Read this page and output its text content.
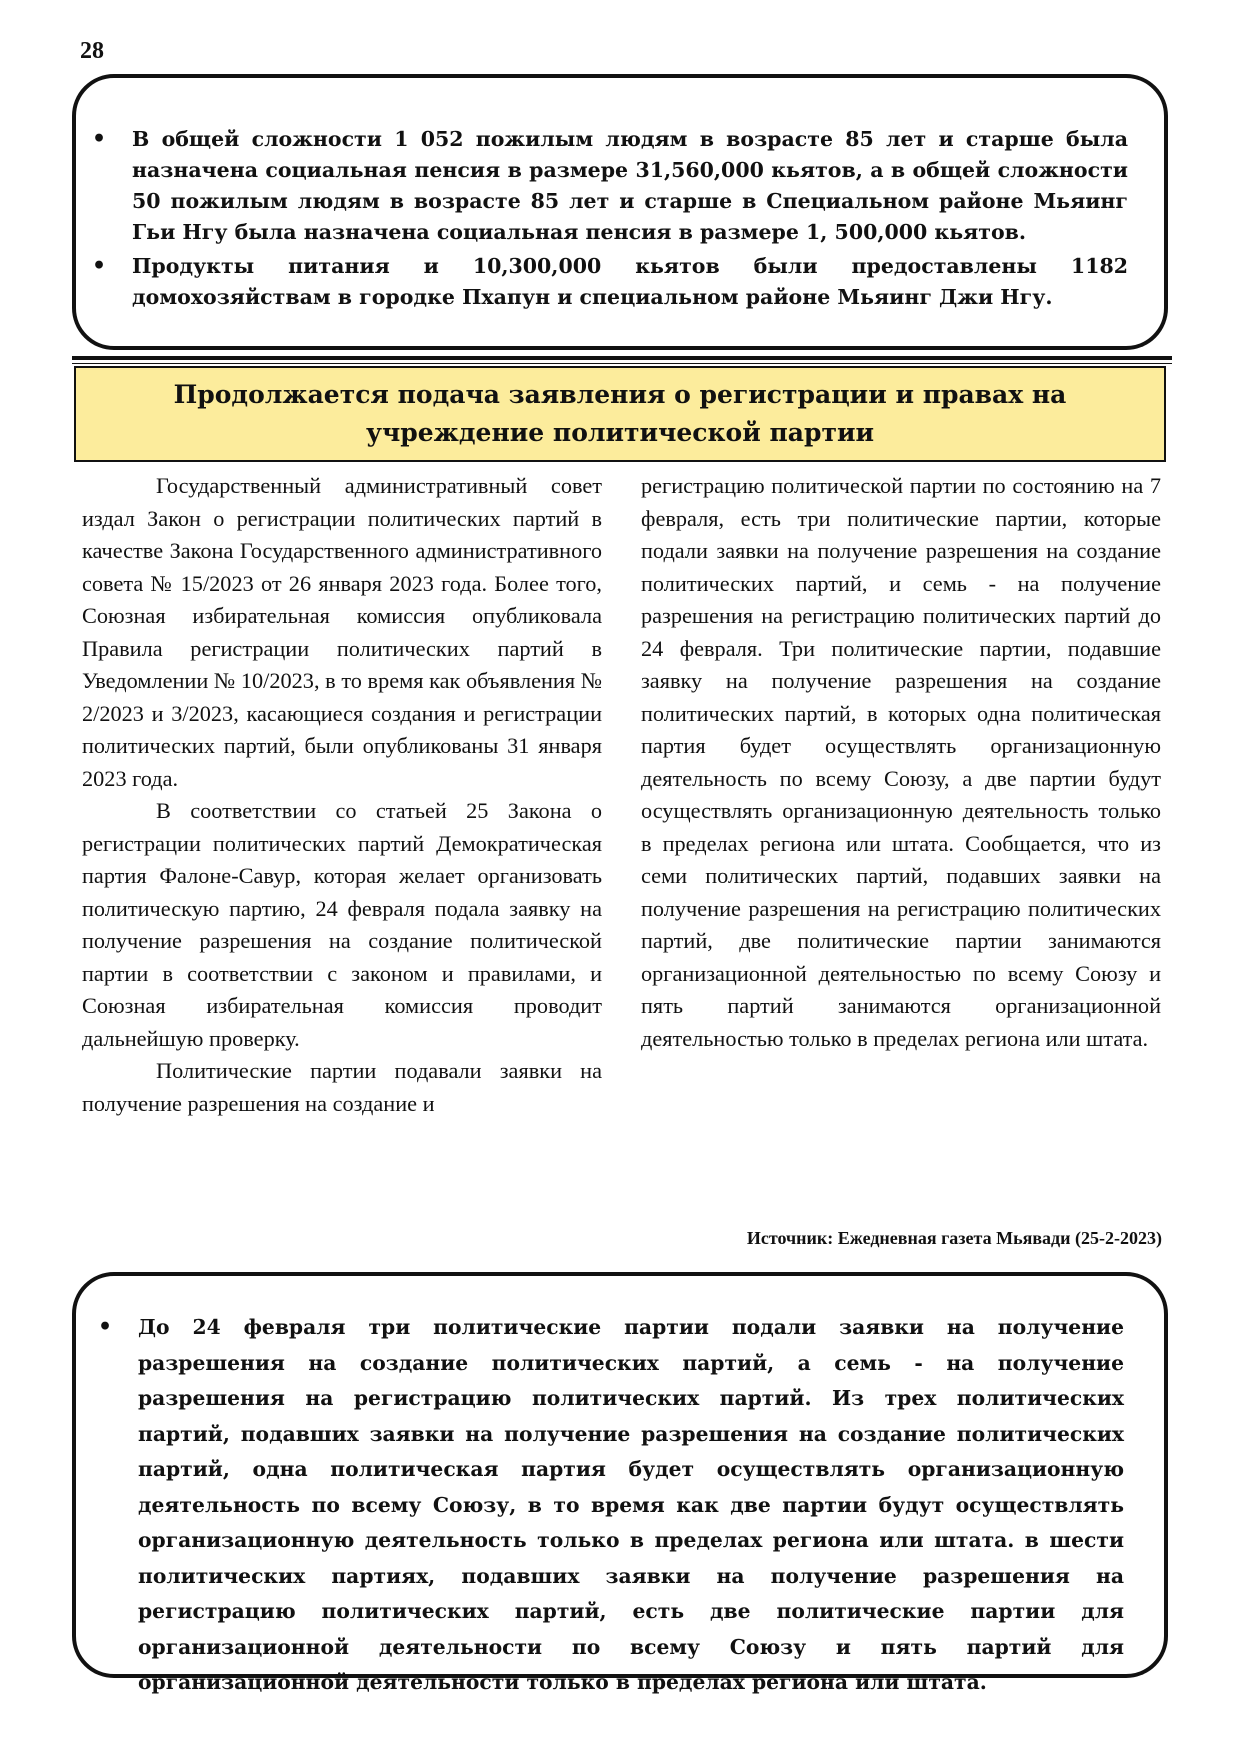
28
• В общей сложности 1 052 пожилым людям в возрасте 85 лет и старше была назначена социальная пенсия в размере 31,560,000 кьятов, а в общей сложности 50 пожилым людям в возрасте 85 лет и старше в Специальном районе Мьяинг Гьи Нгу была назначена социальная пенсия в размере 1, 500,000 кьятов.
• Продукты питания и 10,300,000 кьятов были предоставлены 1182 домохозяйствам в городке Пхапун и специальном районе Мьяинг Джи Нгу.
Продолжается подача заявления о регистрации и правах на учреждение политической партии

Государственный административный совет издал Закон о регистрации политических партий в качестве Закона Государственного административного совета № 15/2023 от 26 января 2023 года. Более того, Союзная избирательная комиссия опубликовала Правила регистрации политических партий в Уведомлении № 10/2023, в то время как объявления № 2/2023 и 3/2023, касающиеся создания и регистрации политических партий, были опубликованы 31 января 2023 года.

В соответствии со статьей 25 Закона о регистрации политических партий Демократическая партия Фалоне-Савур, которая желает организовать политическую партию, 24 февраля подала заявку на получение разрешения на создание политической партии в соответствии с законом и правилами, и Союзная избирательная комиссия проводит дальнейшую проверку.

Политические партии подавали заявки на получение разрешения на создание и

регистрацию политической партии по состоянию на 7 февраля, есть три политические партии, которые подали заявки на получение разрешения на создание политических партий, и семь - на получение разрешения на регистрацию политических партий до 24 февраля. Три политические партии, подавшие заявку на получение разрешения на создание политических партий, в которых одна политическая партия будет осуществлять организационную деятельность по всему Союзу, а две партии будут осуществлять организационную деятельность только в пределах региона или штата. Сообщается, что из семи политических партий, подавших заявки на получение разрешения на регистрацию политических партий, две политические партии занимаются организационной деятельностью по всему Союзу и пять партий занимаются организационной деятельностью только в пределах региона или штата.

Источник: Ежедневная газета Мьявади (25-2-2023)
• До 24 февраля три политические партии подали заявки на получение разрешения на создание политических партий, а семь - на получение разрешения на регистрацию политических партий. Из трех политических партий, подавших заявки на получение разрешения на создание политических партий, одна политическая партия будет осуществлять организационную деятельность по всему Союзу, в то время как две партии будут осуществлять организационную деятельность только в пределах региона или штата. в шести политических партиях, подавших заявки на получение разрешения на регистрацию политических партий, есть две политические партии для организационной деятельности по всему Союзу и пять партий для организационной деятельности только в пределах региона или штата.
